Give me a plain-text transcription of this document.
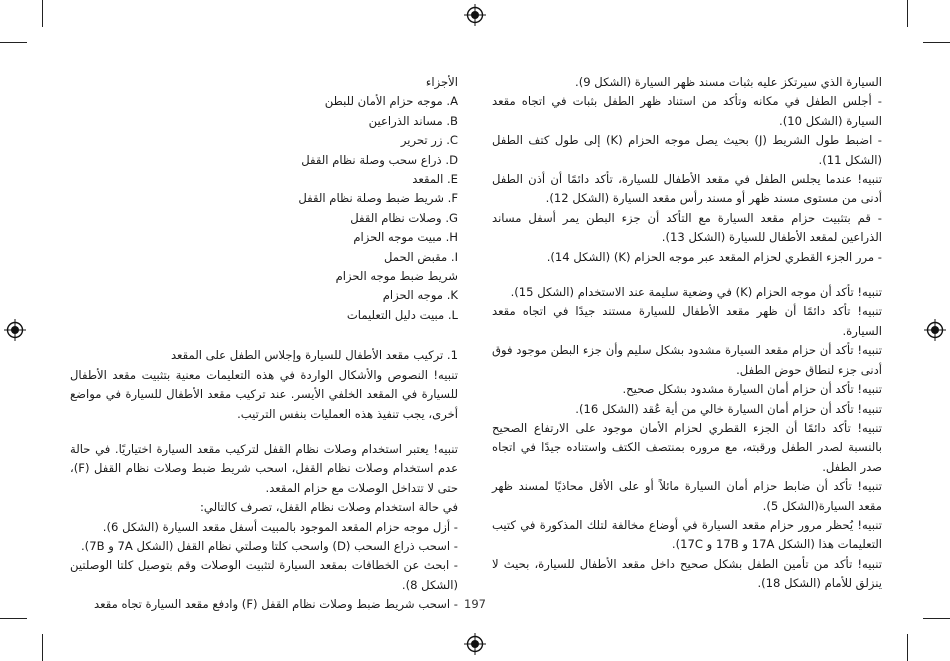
الأجزاء

A. موجه حزام الأمان للبطن

B. مساند الذراعين

C. زر تحرير

D. ذراع سحب وصلة نظام القفل

E. المقعد

F. شريط ضبط وصلة نظام القفل

G. وصلات نظام القفل

H. مبيت موجه الحزام

I. مقبض الحمل

شريط ضبط موجه الحزام

K. موجه الحزام

L. مبيت دليل التعليمات

1. تركيب مقعد الأطفال للسيارة وإجلاس الطفل على المقعد

تنبيه! النصوص والأشكال الواردة في هذه التعليمات معنية بتثبيت مقعد الأطفال للسيارة في المقعد الخلفي الأيسر. عند تركيب مقعد الأطفال للسيارة في مواضع أخرى، يجب تنفيذ هذه العمليات بنفس الترتيب.

تنبيه! يعتبر استخدام وصلات نظام القفل لتركيب مقعد السيارة اختياريًا. في حالة عدم استخدام وصلات نظام القفل، اسحب شريط ضبط وصلات نظام القفل (F)، حتى لا تتداخل الوصلات مع حزام المقعد.

في حالة استخدام وصلات نظام القفل، تصرف كالتالي:

- أزل موجه حزام المقعد الموجود بالمبيت أسفل مقعد السيارة (الشكل 6).

- اسحب ذراع السحب (D) واسحب كلتا وصلتي نظام القفل (الشكل 7A و 7B).

- ابحث عن الخطافات بمقعد السيارة لتثبيت الوصلات وقم بتوصيل كلتا الوصلتين (الشكل 8).

- اسحب شريط ضبط وصلات نظام القفل (F) وادفع مقعد السيارة تجاه مقعد

السيارة الذي سيرتكز عليه بثبات مسند ظهر السيارة (الشكل 9).

- أجلس الطفل في مكانه وتأكد من استناد ظهر الطفل بثبات في اتجاه مقعد السيارة (الشكل 10).

- اضبط طول الشريط (J) بحيث يصل موجه الحزام (K) إلى طول كتف الطفل (الشكل 11).

تنبيه! عندما يجلس الطفل في مقعد الأطفال للسيارة، تأكد دائمًا أن أذن الطفل أدنى من مستوى مسند ظهر أو مسند رأس مقعد السيارة (الشكل 12).

- قم بتثبيت حزام مقعد السيارة مع التأكد أن جزء البطن يمر أسفل مساند الذراعين لمقعد الأطفال للسيارة (الشكل 13).

- مرر الجزء القطري لحزام المقعد عبر موجه الحزام (K) (الشكل 14).

تنبيه! تأكد أن موجه الحزام (K) في وضعية سليمة عند الاستخدام (الشكل 15).

تنبيه! تأكد دائمًا أن ظهر مقعد الأطفال للسيارة مستند جيدًا في اتجاه مقعد السيارة.

تنبيه! تأكد أن حزام مقعد السيارة مشدود بشكل سليم وأن جزء البطن موجود فوق أدنى جزء لنطاق حوض الطفل.

تنبيه! تأكد أن حزام أمان السيارة مشدود بشكل صحيح.

تنبيه! تأكد أن حزام أمان السيارة خالي من أية عُقد (الشكل 16).

تنبيه! تأكد دائمًا أن الجزء القطري لحزام الأمان موجود على الارتفاع الصحيح بالنسبة لصدر الطفل ورقبته، مع مروره بمنتصف الكتف واستناده جيدًا في اتجاه صدر الطفل.

تنبيه! تأكد أن ضابط حزام أمان السيارة مائلاً أو على الأقل محاذيًا لمسند ظهر مقعد السيارة(الشكل 5).

تنبيه! يُحظر مرور حزام مقعد السيارة في أوضاع مخالفة لتلك المذكورة في كتيب التعليمات هذا (الشكل 17A و 17B و 17C).

تنبيه! تأكد من تأمين الطفل بشكل صحيح داخل مقعد الأطفال للسيارة، بحيث لا ينزلق للأمام (الشكل 18).

197
